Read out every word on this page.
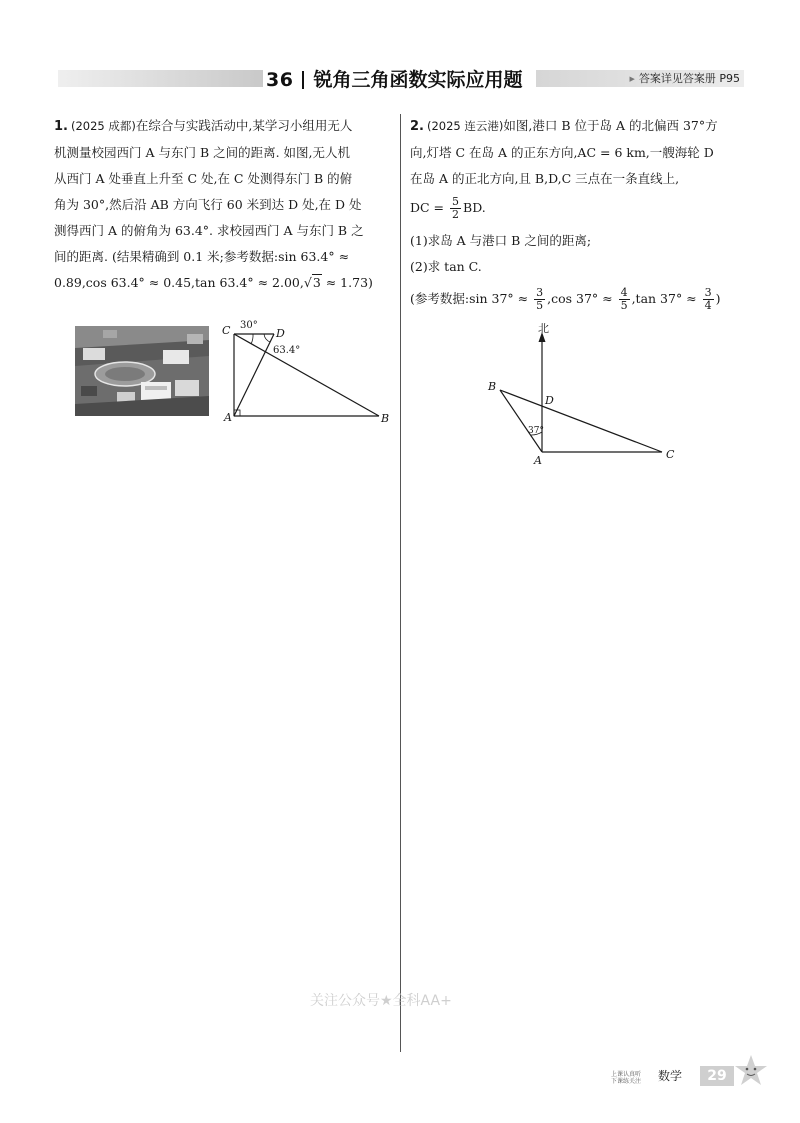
36 锐角三角函数实际应用题	▶ 答案详见答案册 P95
1. (2025 成都)在综合与实践活动中,某学习小组用无人
机测量校园西门 A 与东门 B 之间的距离. 如图,无人机
从西门 A 处垂直上升至 C 处,在 C 处测得东门 B 的俯
角为 30°,然后沿 AB 方向飞行 60 米到达 D 处,在 D 处
测得西门 A 的俯角为 63.4°. 求校园西门 A 与东门 B 之
间的距离. (结果精确到 0.1 米;参考数据:sin 63.4° ≈
0.89,cos 63.4° ≈ 0.45,tan 63.4° ≈ 2.00,√3 ≈ 1.73)
C	D
A	B
30°
63.4°
2. (2025 连云港)如图,港口 B 位于岛 A 的北偏西 37°方
向,灯塔 C 在岛 A 的正东方向,AC = 6 km,一艘海轮 D
在岛 A 的正北方向,且 B,D,C 三点在一条直线上,
DC = $\frac{5}{2}$ BD.
(1)求岛 A 与港口 B 之间的距离;
(2)求 tan C.
(参考数据:sin $37^\circ \approx \frac{3}{5} ,\cos$ $37^\circ \approx \frac{4}{5} ,\tan$ $37^\circ \approx \frac{3}{4}$ )
北
B
D
A	C
37°
关注公众号★全科AA+
上课认真听
下课练关注 数学	29
